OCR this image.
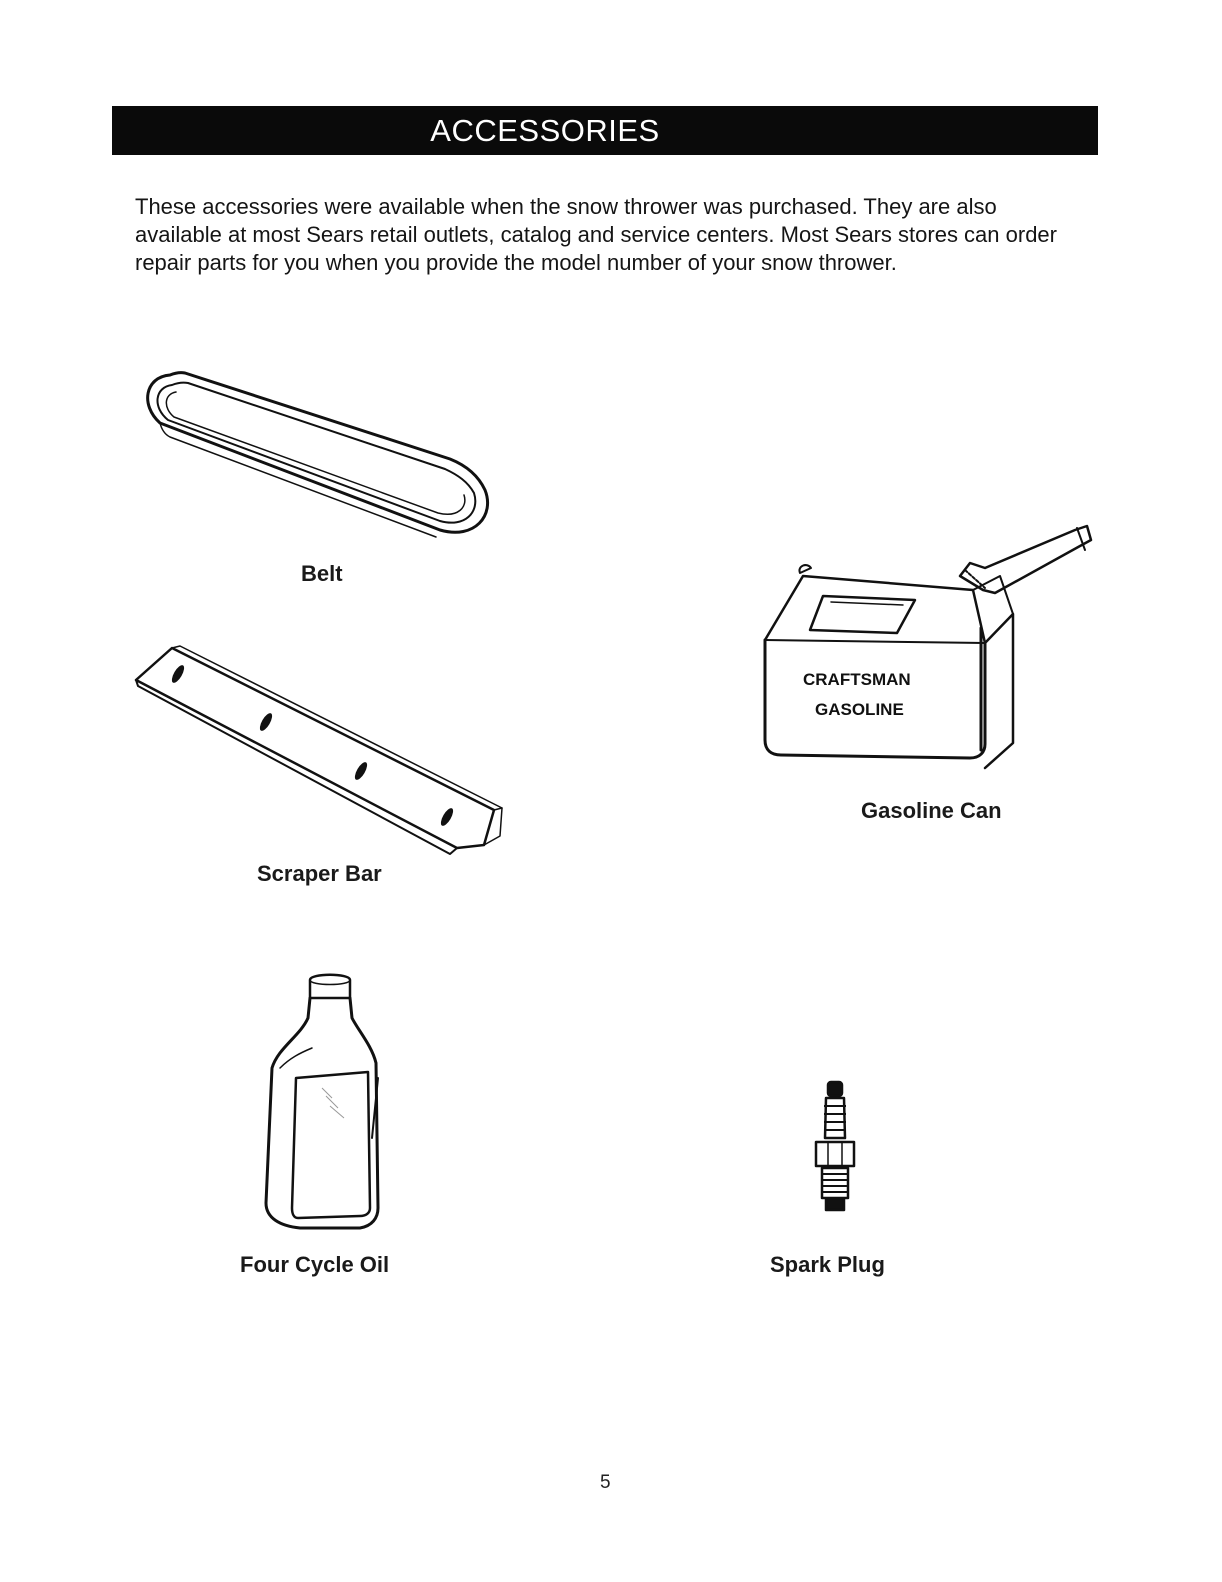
ACCESSORIES

These accessories were available when the snow thrower was purchased. They are also available at most Sears retail outlets, catalog and service centers. Most Sears stores can order repair parts for you when you provide the model number of your snow thrower.

Belt
Scraper Bar
CRAFTSMAN
GASOLINE
Gasoline Can
Four Cycle Oil	Spark Plug
5
